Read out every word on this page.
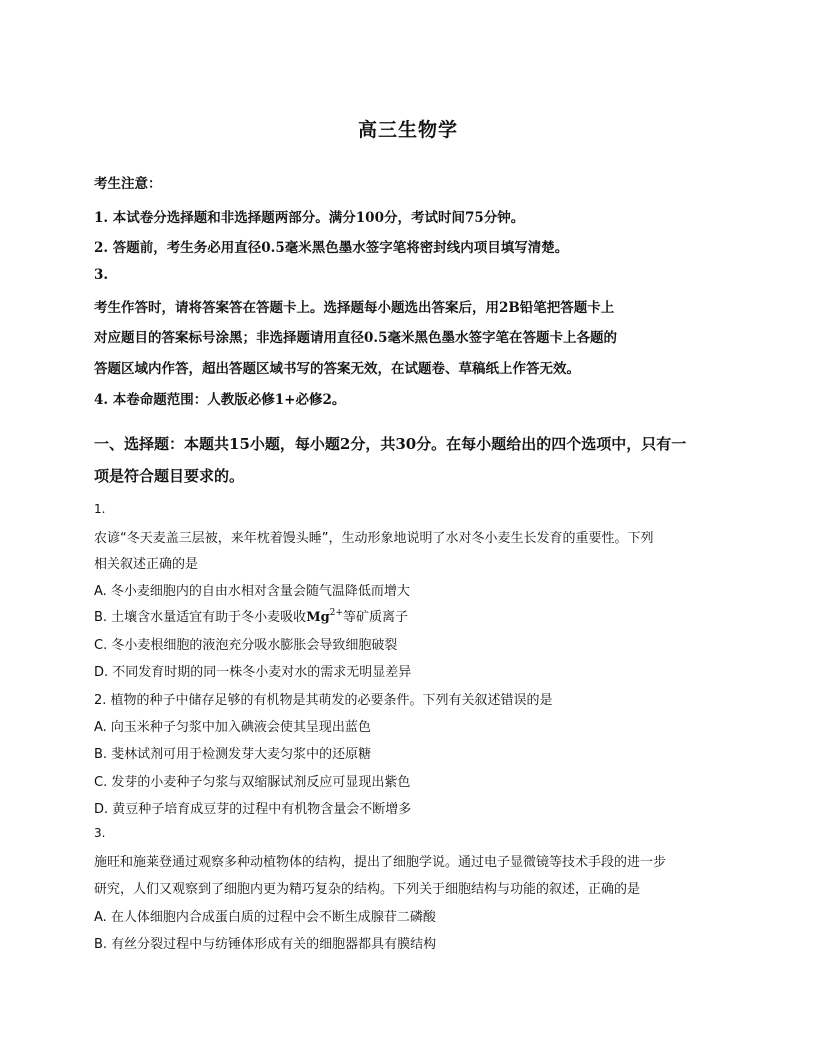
高三生物学
考生注意：
1. 本试卷分选择题和非选择题两部分。满分100分，考试时间75分钟。
2. 答题前，考生务必用直径0.5毫米黑色墨水签字笔将密封线内项目填写清楚。
3.
考生作答时，请将答案答在答题卡上。选择题每小题选出答案后，用2B铅笔把答题卡上
对应题目的答案标号涂黑；非选择题请用直径0.5毫米黑色墨水签字笔在答题卡上各题的
答题区域内作答，超出答题区域书写的答案无效，在试题卷、草稿纸上作答无效。
4. 本卷命题范围：人教版必修1+必修2。
一、选择题：本题共15小题，每小题2分，共30分。在每小题给出的四个选项中，只有一
项是符合题目要求的。
1.
农谚“冬天麦盖三层被，来年枕着馒头睡”，生动形象地说明了水对冬小麦生长发育的重要性。下列
相关叙述正确的是
A. 冬小麦细胞内的自由水相对含量会随气温降低而增大
B. 土壤含水量适宜有助于冬小麦吸收$Mg^{2+}$等矿质离子
C. 冬小麦根细胞的液泡充分吸水膨胀会导致细胞破裂
D. 不同发育时期的同一株冬小麦对水的需求无明显差异
2. 植物的种子中储存足够的有机物是其萌发的必要条件。下列有关叙述错误的是
A. 向玉米种子匀浆中加入碘液会使其呈现出蓝色
B. 斐林试剂可用于检测发芽大麦匀浆中的还原糖
C. 发芽的小麦种子匀浆与双缩脲试剂反应可显现出紫色
D. 黄豆种子培育成豆芽的过程中有机物含量会不断增多
3.
施旺和施莱登通过观察多种动植物体的结构，提出了细胞学说。通过电子显微镜等技术手段的进一步
研究，人们又观察到了细胞内更为精巧复杂的结构。下列关于细胞结构与功能的叙述，正确的是
A. 在人体细胞内合成蛋白质的过程中会不断生成腺苷二磷酸
B. 有丝分裂过程中与纺锤体形成有关的细胞器都具有膜结构
